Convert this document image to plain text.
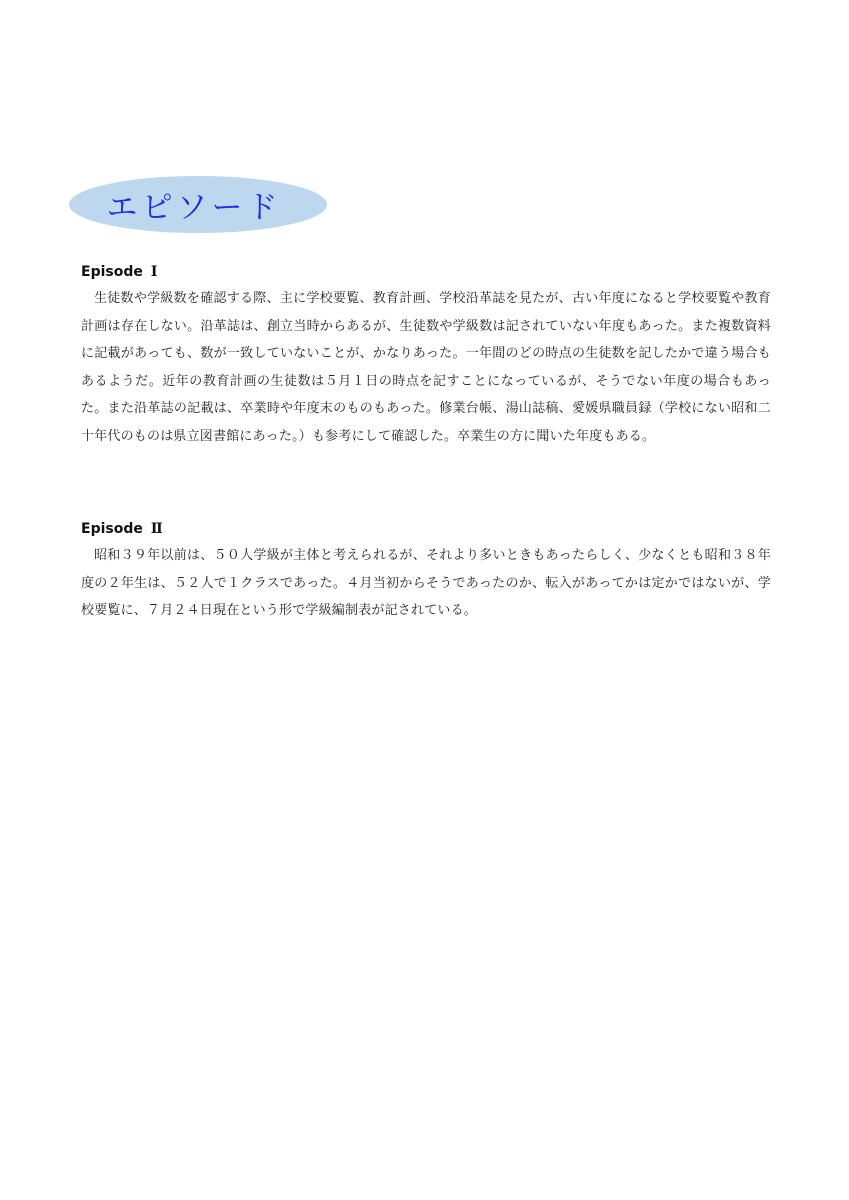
エピソード
Episode Ⅰ

生徒数や学級数を確認する際、主に学校要覧、教育計画、学校沿革誌を見たが、古い年度になると学校要覧や教育計画は存在しない。沿革誌は、創立当時からあるが、生徒数や学級数は記されていない年度もあった。また複数資料に記載があっても、数が一致していないことが、かなりあった。一年間のどの時点の生徒数を記したかで違う場合もあるようだ。近年の教育計画の生徒数は５月１日の時点を記すことになっているが、そうでない年度の場合もあった。また沿革誌の記載は、卒業時や年度末のものもあった。修業台帳、湯山誌稿、愛媛県職員録（学校にない昭和二十年代のものは県立図書館にあった。）も参考にして確認した。卒業生の方に聞いた年度もある。

Episode Ⅱ

昭和３９年以前は、５０人学級が主体と考えられるが、それより多いときもあったらしく、少なくとも昭和３８年度の２年生は、５２人で１クラスであった。４月当初からそうであったのか、転入があってかは定かではないが、学校要覧に、７月２４日現在という形で学級編制表が記されている。
